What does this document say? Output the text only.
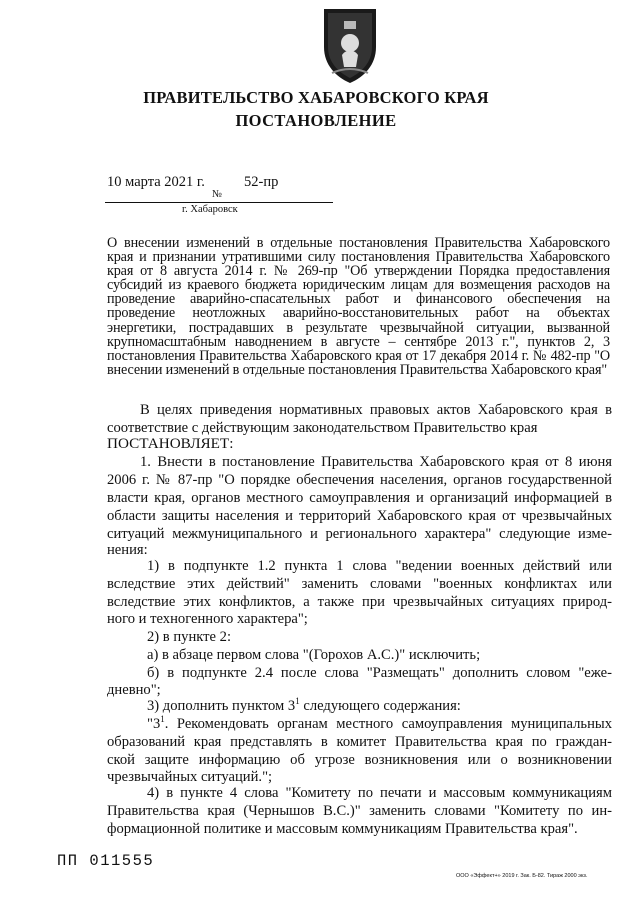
ПРАВИТЕЛЬСТВО ХАБАРОВСКОГО КРАЯ
ПОСТАНОВЛЕНИЕ
10 марта 2021 г.	52-пр
№
г. Хабаровск
О внесении изменений в отдельные постановления Правительства Хабаровского края и признании утратившими силу постановления Правительства Хабаровского края от 8 августа 2014 г. № 269-пр "Об утверждении Порядка предоставления субсидий из краевого бюджета юридическим лицам для возмещения расходов на проведение аварийно-спасательных работ и финансового обеспечения на проведение неотложных аварийно-восстановительных работ на объектах энергетики, пострадавших в результате чрезвычайной ситуации, вызванной крупномасштабным наводнением в августе – сентябре 2013 г.", пунктов 2, 3 постановления Правительства Хабаровского края от 17 декабря 2014 г. № 482-пр "О внесении изменений в отдельные постановления Правительства Хабаровского края"
В целях приведения нормативных правовых актов Хабаровского края в
соответствие с действующим законодательством Правительство края
ПОСТАНОВЛЯЕТ:
1. Внести в постановление Правительства Хабаровского края от 8 июня
2006 г. № 87-пр "О порядке обеспечения населения, органов государственной
власти края, органов местного самоуправления и организаций информацией в
области защиты населения и территорий Хабаровского края от чрезвычайных
ситуаций межмуниципального и регионального характера" следующие изме-
нения:
1) в подпункте 1.2 пункта 1 слова "ведении военных действий или
вследствие этих действий" заменить словами "военных конфликтах или
вследствие этих конфликтов, а также при чрезвычайных ситуациях природ-
ного и техногенного характера";
2) в пункте 2:
а) в абзаце первом слова "(Горохов А.С.)" исключить;
б) в подпункте 2.4 после слова "Размещать" дополнить словом "еже-
дневно";
3) дополнить пунктом $3^1$ следующего содержания:
"$3^1$. Рекомендовать органам местного самоуправления муниципальных
образований края представлять в комитет Правительства края по граждан-
ской защите информацию об угрозе возникновения или о возникновении
чрезвычайных ситуаций.";
4) в пункте 4 слова "Комитету по печати и массовым коммуникациям
Правительства края (Чернышов В.С.)" заменить словами "Комитету по ин-
формационной политике и массовым коммуникациям Правительства края".
ПП 011555
ООО «Эффект+» 2019 г. Зак. Б-82. Тираж 2000 экз.
